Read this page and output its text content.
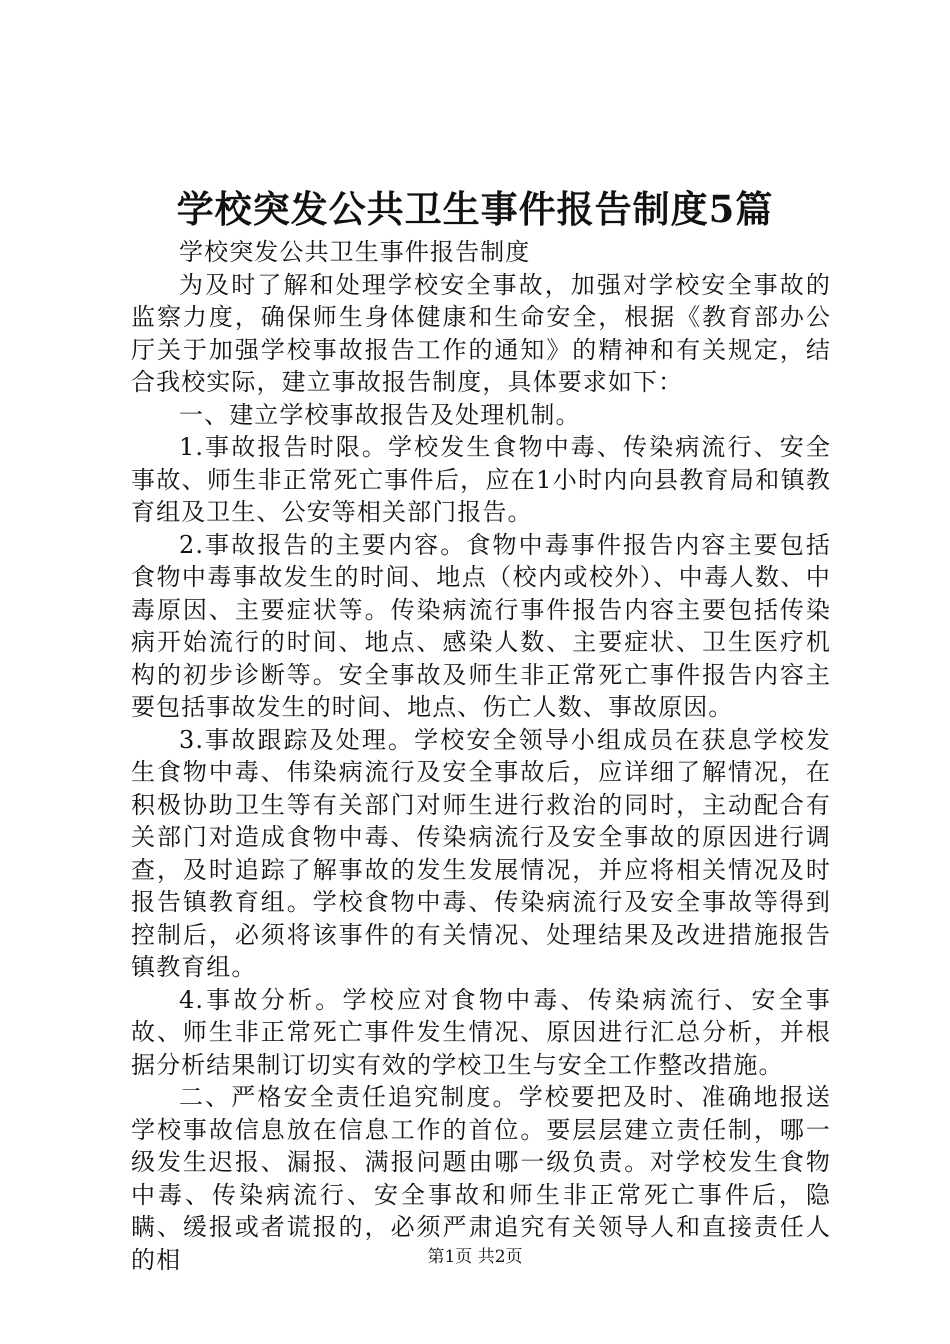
学校突发公共卫生事件报告制度5篇

学校突发公共卫生事件报告制度

为及时了解和处理学校安全事故，加强对学校安全事故的监察力度，确保师生身体健康和生命安全，根据《教育部办公厅关于加强学校事故报告工作的通知》的精神和有关规定，结合我校实际，建立事故报告制度，具体要求如下：

一、建立学校事故报告及处理机制。

1.事故报告时限。学校发生食物中毒、传染病流行、安全事故、师生非正常死亡事件后，应在1小时内向县教育局和镇教育组及卫生、公安等相关部门报告。

2.事故报告的主要内容。食物中毒事件报告内容主要包括食物中毒事故发生的时间、地点（校内或校外）、中毒人数、中毒原因、主要症状等。传染病流行事件报告内容主要包括传染病开始流行的时间、地点、感染人数、主要症状、卫生医疗机构的初步诊断等。安全事故及师生非正常死亡事件报告内容主要包括事故发生的时间、地点、伤亡人数、事故原因。

3.事故跟踪及处理。学校安全领导小组成员在获息学校发生食物中毒、伟染病流行及安全事故后，应详细了解情况，在积极协助卫生等有关部门对师生进行救治的同时，主动配合有关部门对造成食物中毒、传染病流行及安全事故的原因进行调查，及时追踪了解事故的发生发展情况，并应将相关情况及时报告镇教育组。学校食物中毒、传染病流行及安全事故等得到控制后，必须将该事件的有关情况、处理结果及改进措施报告镇教育组。

4.事故分析。学校应对食物中毒、传染病流行、安全事故、师生非正常死亡事件发生情况、原因进行汇总分析，并根据分析结果制订切实有效的学校卫生与安全工作整改措施。

二、严格安全责任追究制度。学校要把及时、准确地报送学校事故信息放在信息工作的首位。要层层建立责任制，哪一级发生迟报、漏报、满报问题由哪一级负责。对学校发生食物中毒、传染病流行、安全事故和师生非正常死亡事件后，隐瞒、缓报或者谎报的，必须严肃追究有关领导人和直接责任人的相	第1页 共2页
